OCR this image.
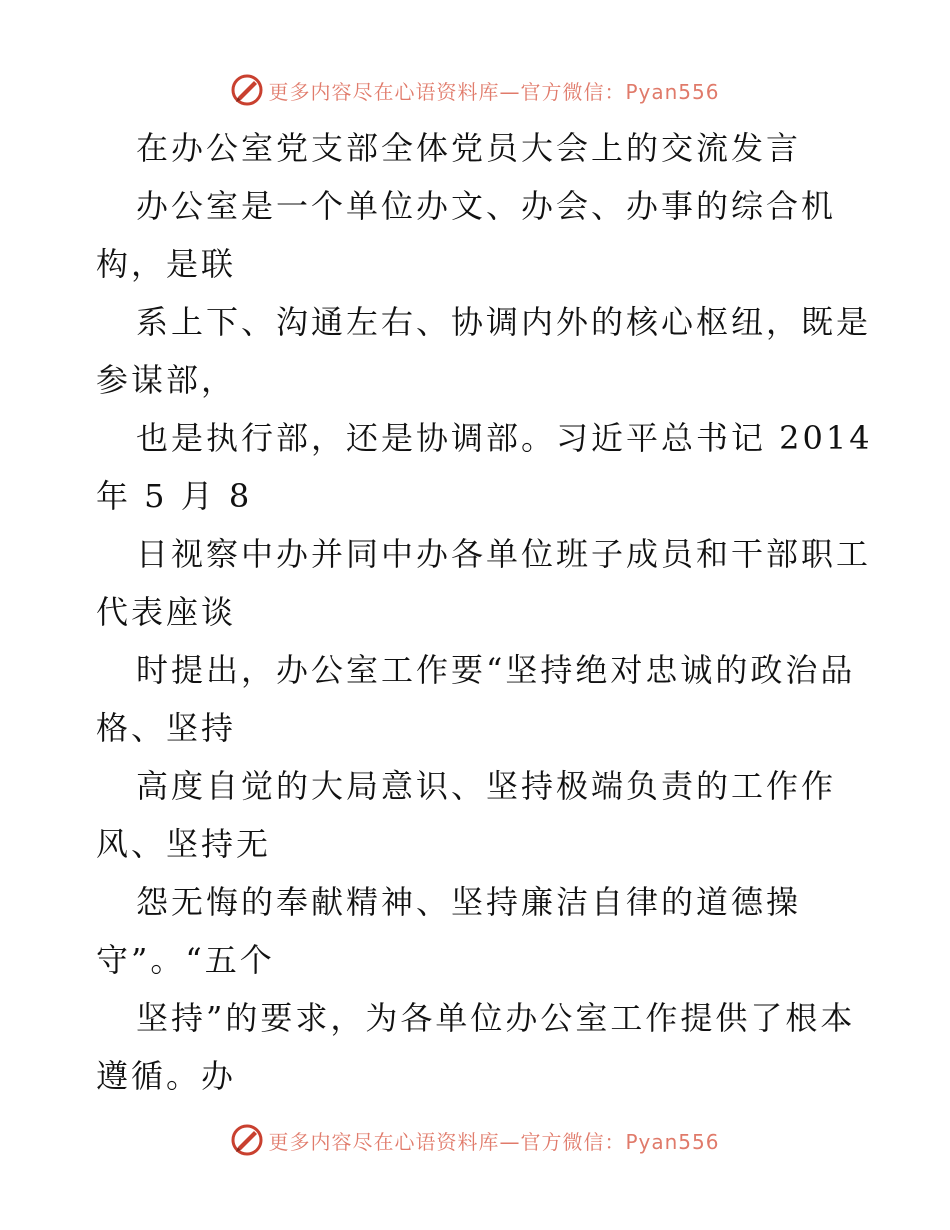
更多内容尽在心语资料库—官方微信：Pyan556
在办公室党支部全体党员大会上的交流发言
办公室是一个单位办文、办会、办事的综合机
构，是联
系上下、沟通左右、协调内外的核心枢纽，既是
参谋部，
也是执行部，还是协调部。习近平总书记 2014
年 5 月 8
日视察中办并同中办各单位班子成员和干部职工
代表座谈
时提出，办公室工作要“坚持绝对忠诚的政治品
格、坚持
高度自觉的大局意识、坚持极端负责的工作作
风、坚持无
怨无悔的奉献精神、坚持廉洁自律的道德操
守”。“五个
坚持”的要求，为各单位办公室工作提供了根本
遵循。办
更多内容尽在心语资料库—官方微信：Pyan556
